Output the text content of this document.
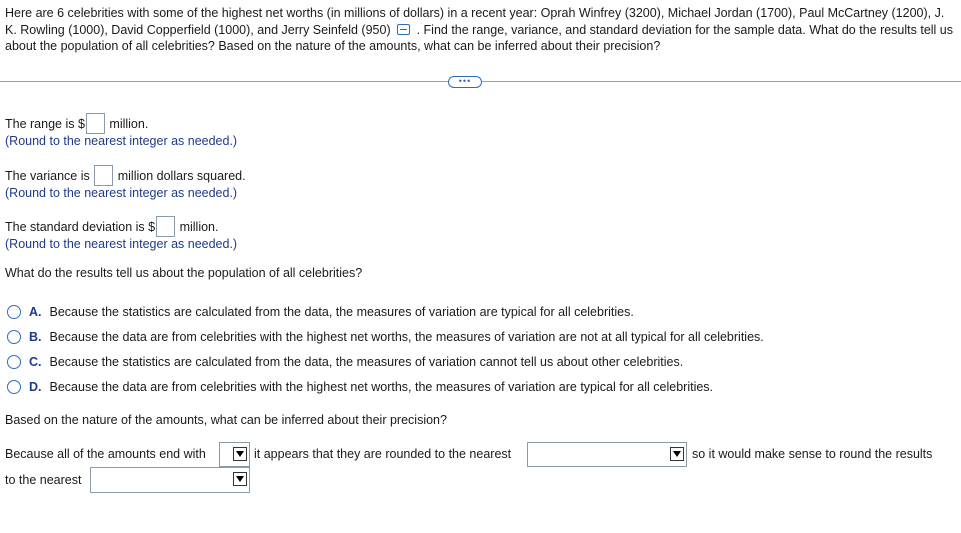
Here are 6 celebrities with some of the highest net worths (in millions of dollars) in a recent year: Oprah Winfrey (3200), Michael Jordan (1700), Paul McCartney (1200), J. K. Rowling (1000), David Copperfield (1000), and Jerry Seinfeld (950) . Find the range, variance, and standard deviation for the sample data. What do the results tell us about the population of all celebrities? Based on the nature of the amounts, what can be inferred about their precision?
•••
The range is $ million.
(Round to the nearest integer as needed.)
The variance is million dollars squared.
(Round to the nearest integer as needed.)
The standard deviation is $ million.
(Round to the nearest integer as needed.)
What do the results tell us about the population of all celebrities?
A. Because the statistics are calculated from the data, the measures of variation are typical for all celebrities.
B. Because the data are from celebrities with the highest net worths, the measures of variation are not at all typical for all celebrities.
C. Because the statistics are calculated from the data, the measures of variation cannot tell us about other celebrities.
D. Because the data are from celebrities with the highest net worths, the measures of variation are typical for all celebrities.
Based on the nature of the amounts, what can be inferred about their precision?
Because all of the amounts end with	it appears that they are rounded to the nearest	so it would make sense to round the results
to the nearest
